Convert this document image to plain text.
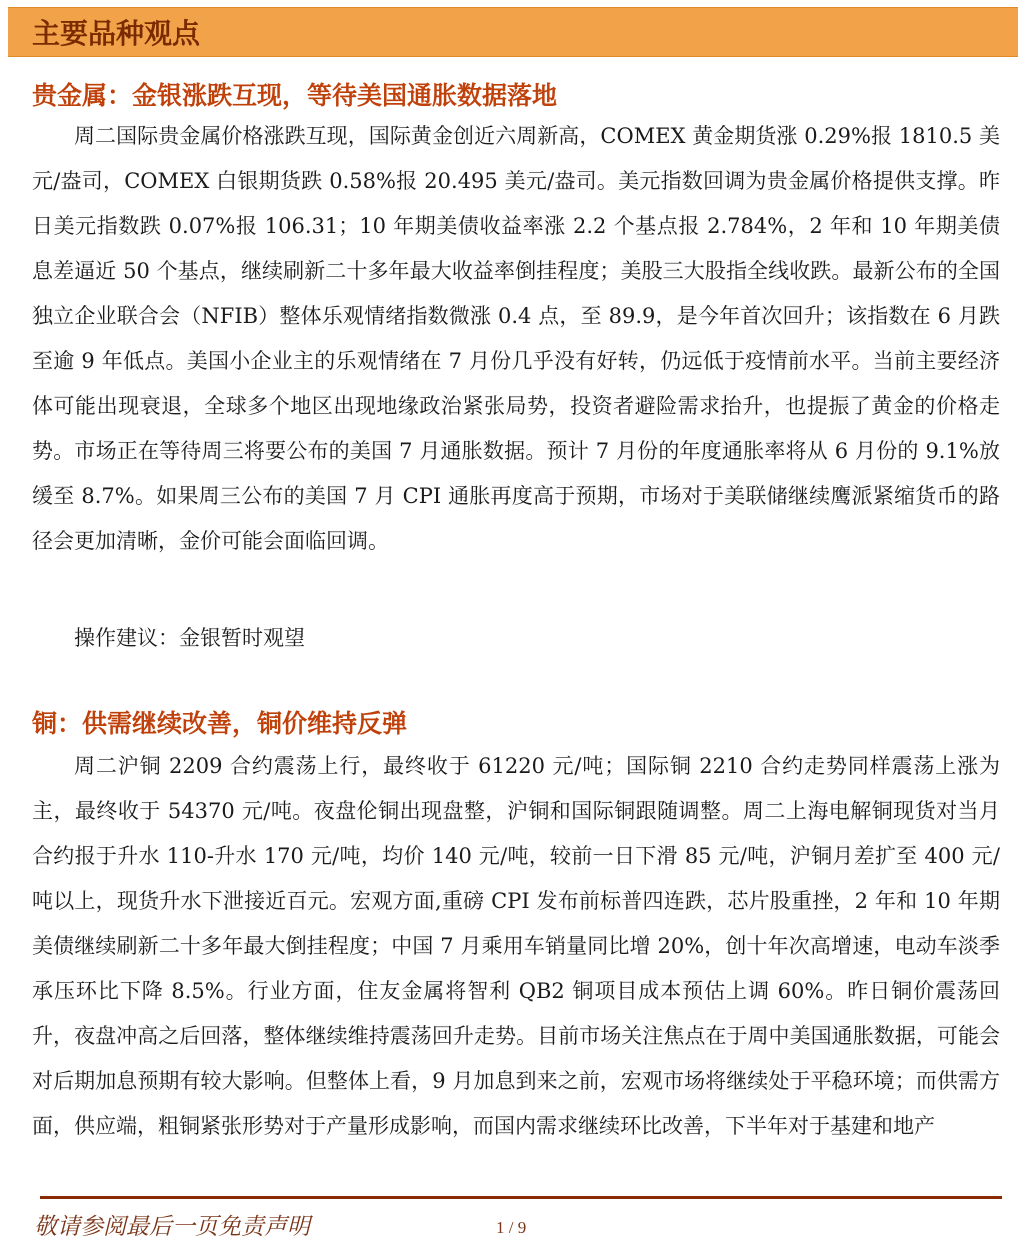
主要品种观点
贵金属：金银涨跌互现，等待美国通胀数据落地

周二国际贵金属价格涨跌互现，国际黄金创近六周新高，COMEX 黄金期货涨 0.29%报 1810.5 美元/盎司，COMEX 白银期货跌 0.58%报 20.495 美元/盎司。美元指数回调为贵金属价格提供支撑。昨日美元指数跌 0.07%报 106.31；10 年期美债收益率涨 2.2 个基点报 2.784%，2 年和 10 年期美债息差逼近 50 个基点，继续刷新二十多年最大收益率倒挂程度；美股三大股指全线收跌。最新公布的全国独立企业联合会（NFIB）整体乐观情绪指数微涨 0.4 点，至 89.9，是今年首次回升；该指数在 6 月跌至逾 9 年低点。美国小企业主的乐观情绪在 7 月份几乎没有好转，仍远低于疫情前水平。当前主要经济体可能出现衰退，全球多个地区出现地缘政治紧张局势，投资者避险需求抬升，也提振了黄金的价格走势。市场正在等待周三将要公布的美国 7 月通胀数据。预计 7 月份的年度通胀率将从 6 月份的 9.1%放缓至 8.7%。如果周三公布的美国 7 月 CPI 通胀再度高于预期，市场对于美联储继续鹰派紧缩货币的路径会更加清晰，金价可能会面临回调。

操作建议：金银暂时观望

铜：供需继续改善，铜价维持反弹

周二沪铜 2209 合约震荡上行，最终收于 61220 元/吨；国际铜 2210 合约走势同样震荡上涨为主，最终收于 54370 元/吨。夜盘伦铜出现盘整，沪铜和国际铜跟随调整。周二上海电解铜现货对当月合约报于升水 110-升水 170 元/吨，均价 140 元/吨，较前一日下滑 85 元/吨，沪铜月差扩至 400 元/吨以上，现货升水下泄接近百元。宏观方面,重磅 CPI 发布前标普四连跌，芯片股重挫，2 年和 10 年期美债继续刷新二十多年最大倒挂程度；中国 7 月乘用车销量同比增 20%，创十年次高增速，电动车淡季承压环比下降 8.5%。行业方面，住友金属将智利 QB2 铜项目成本预估上调 60%。昨日铜价震荡回升，夜盘冲高之后回落，整体继续维持震荡回升走势。目前市场关注焦点在于周中美国通胀数据，可能会对后期加息预期有较大影响。但整体上看，9 月加息到来之前，宏观市场将继续处于平稳环境；而供需方面，供应端，粗铜紧张形势对于产量形成影响，而国内需求继续环比改善，下半年对于基建和地产

敬请参阅最后一页免责声明	1 / 9
